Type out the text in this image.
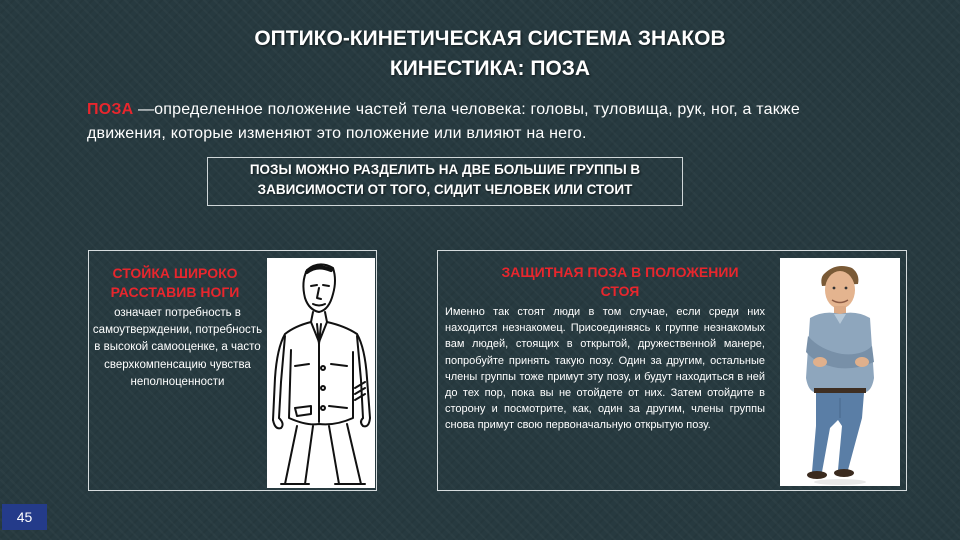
ОПТИКО-КИНЕТИЧЕСКАЯ СИСТЕМА ЗНАКОВ
КИНЕСТИКА: ПОЗА
ПОЗА —определенное положение частей тела человека: головы, туловища, рук, ног, а также движения, которые изменяют это положение или влияют на него.
ПОЗЫ МОЖНО РАЗДЕЛИТЬ НА ДВЕ БОЛЬШИЕ ГРУППЫ В ЗАВИСИМОСТИ ОТ ТОГО, СИДИТ ЧЕЛОВЕК ИЛИ СТОИТ
СТОЙКА ШИРОКО РАССТАВИВ НОГИ
означает потребность в самоутверждении, потребность в высокой самооценке, а часто сверхкомпенсацию чувства неполноценности
ЗАЩИТНАЯ ПОЗА В ПОЛОЖЕНИИ СТОЯ
Именно так стоят люди в том случае, если среди них находится незнакомец. Присоединяясь к группе незнакомых вам людей, стоящих в открытой, дружественной манере, попробуйте принять такую позу. Один за другим, остальные члены группы тоже примут эту позу, и будут находиться в ней до тех пор, пока вы не отойдете от них. Затем отойдите в сторону и посмотрите, как, один за другим, члены группы снова примут свою первоначальную открытую позу.
45
